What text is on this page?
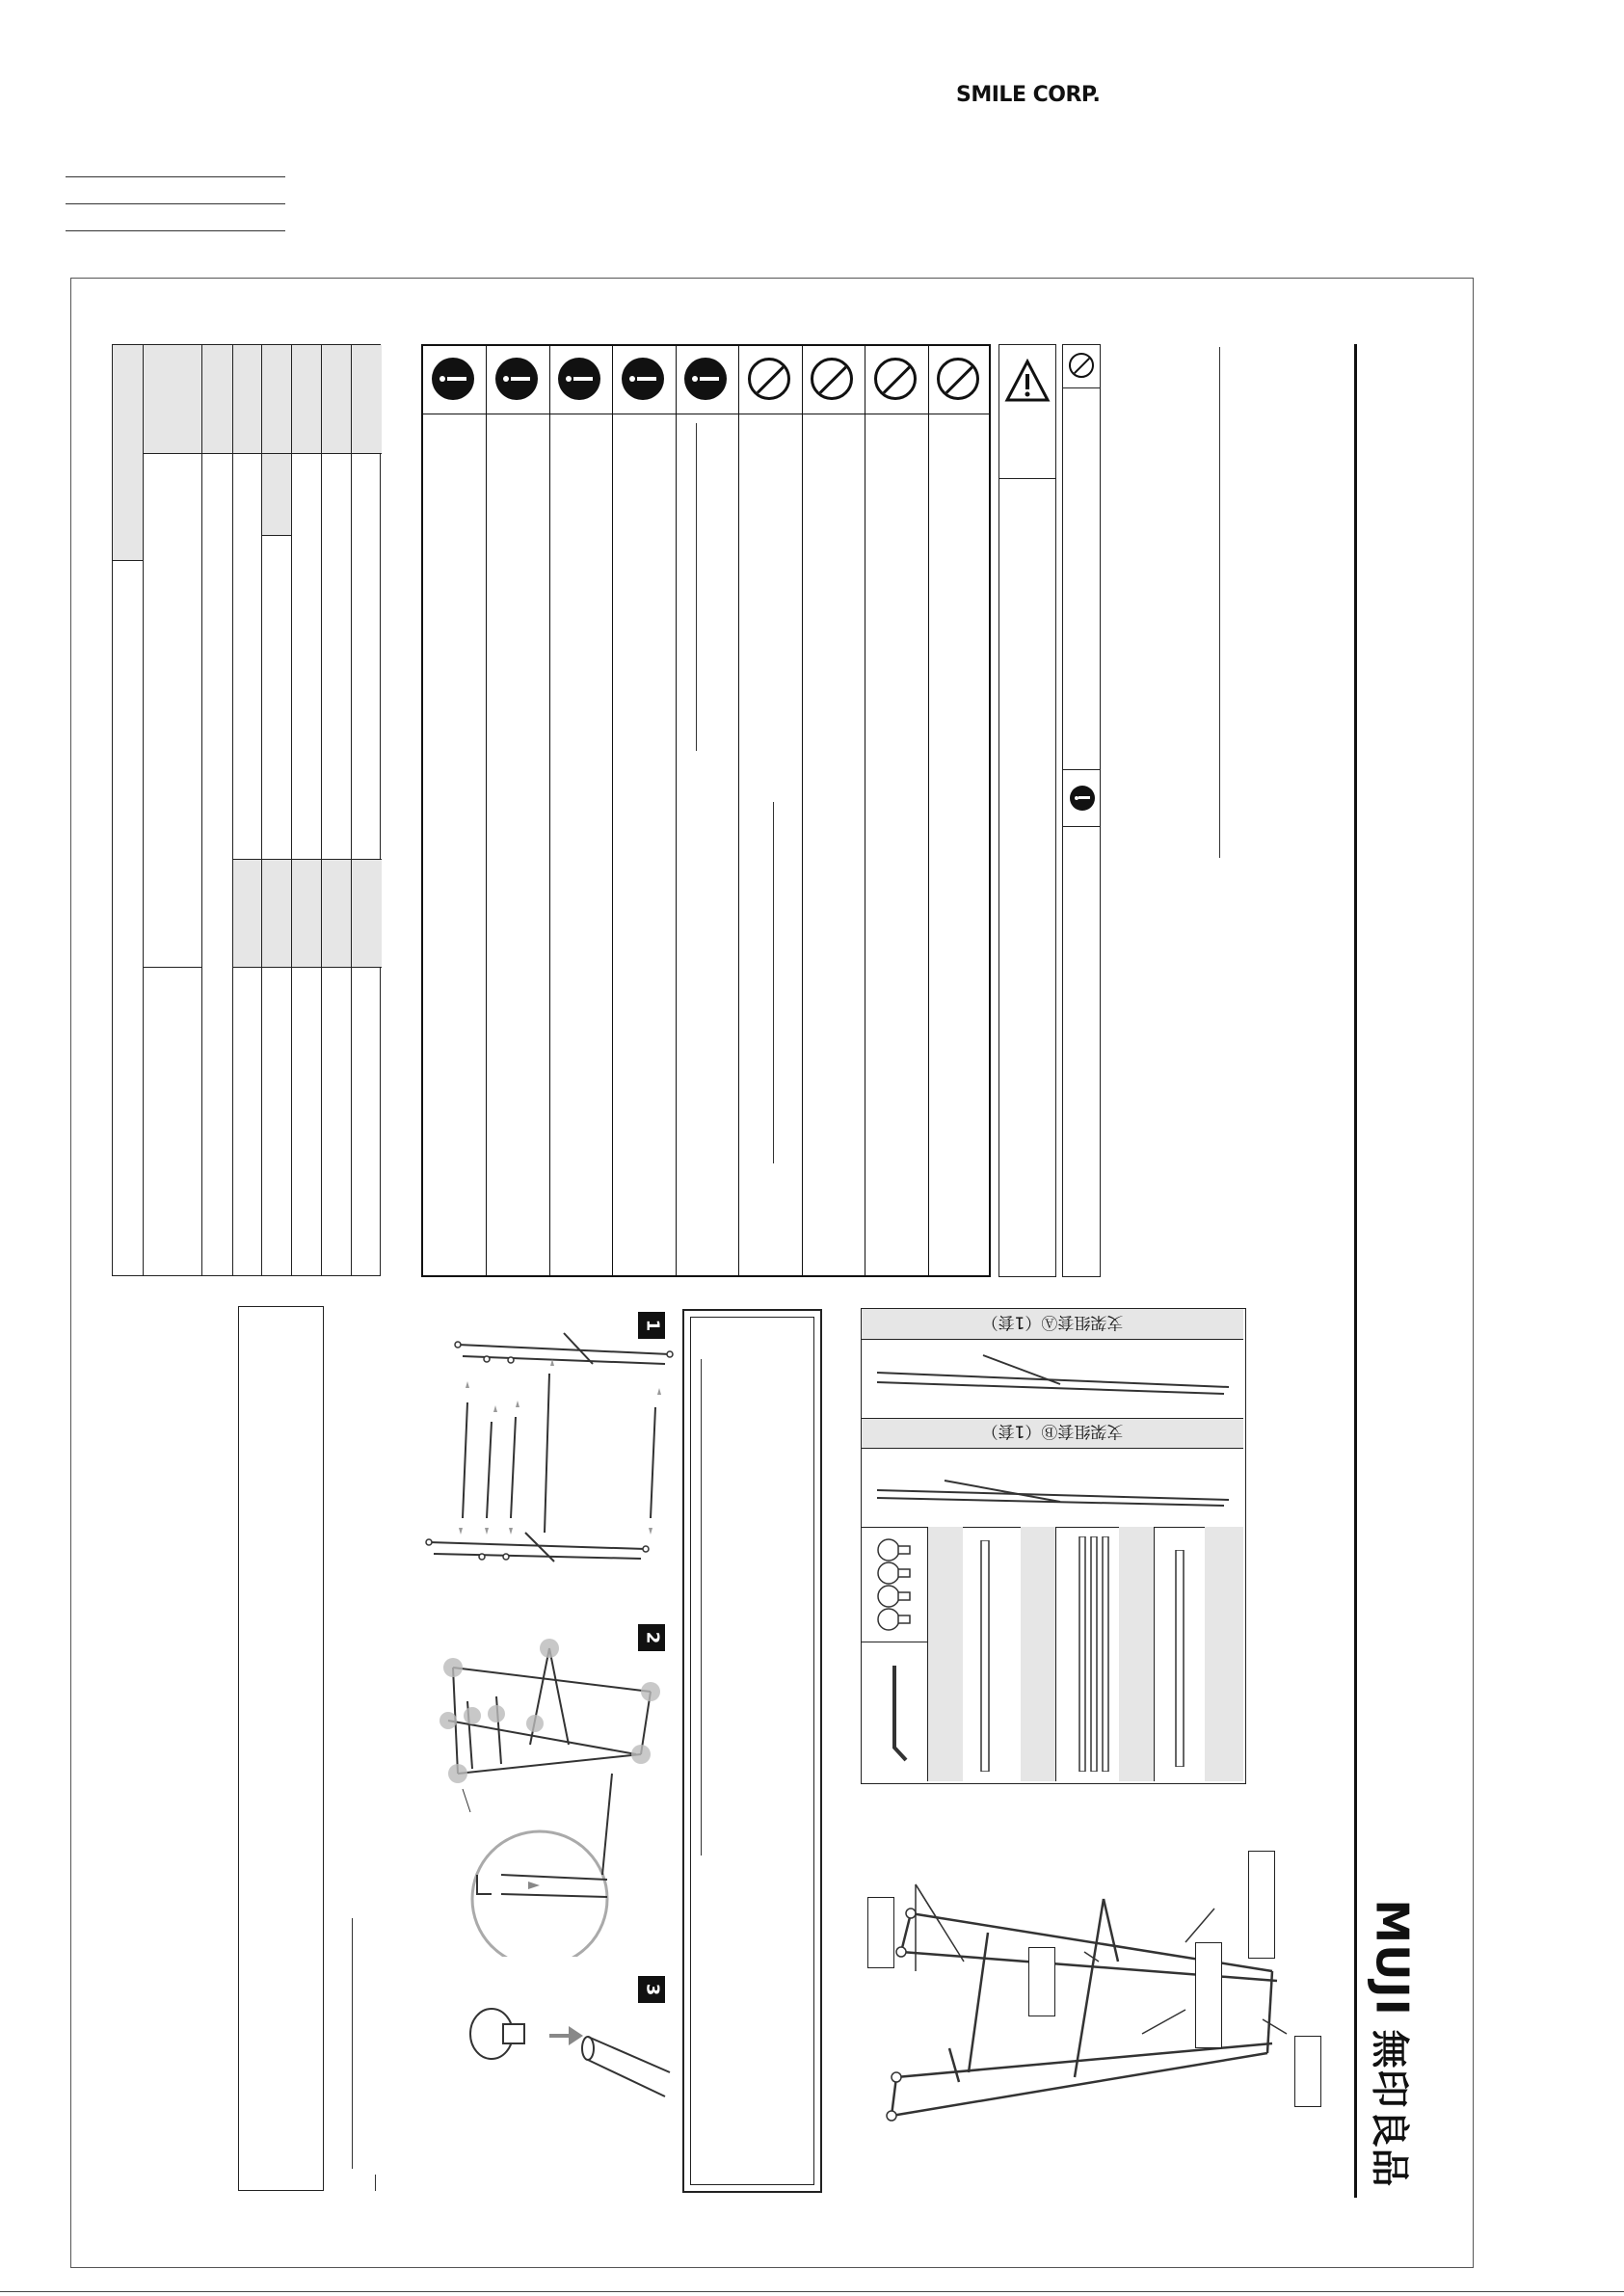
SMILE CORP.
MUJI無印良品
1
2
3
支架组套Ⓐ（1套）
支架组套Ⓑ（1套）
